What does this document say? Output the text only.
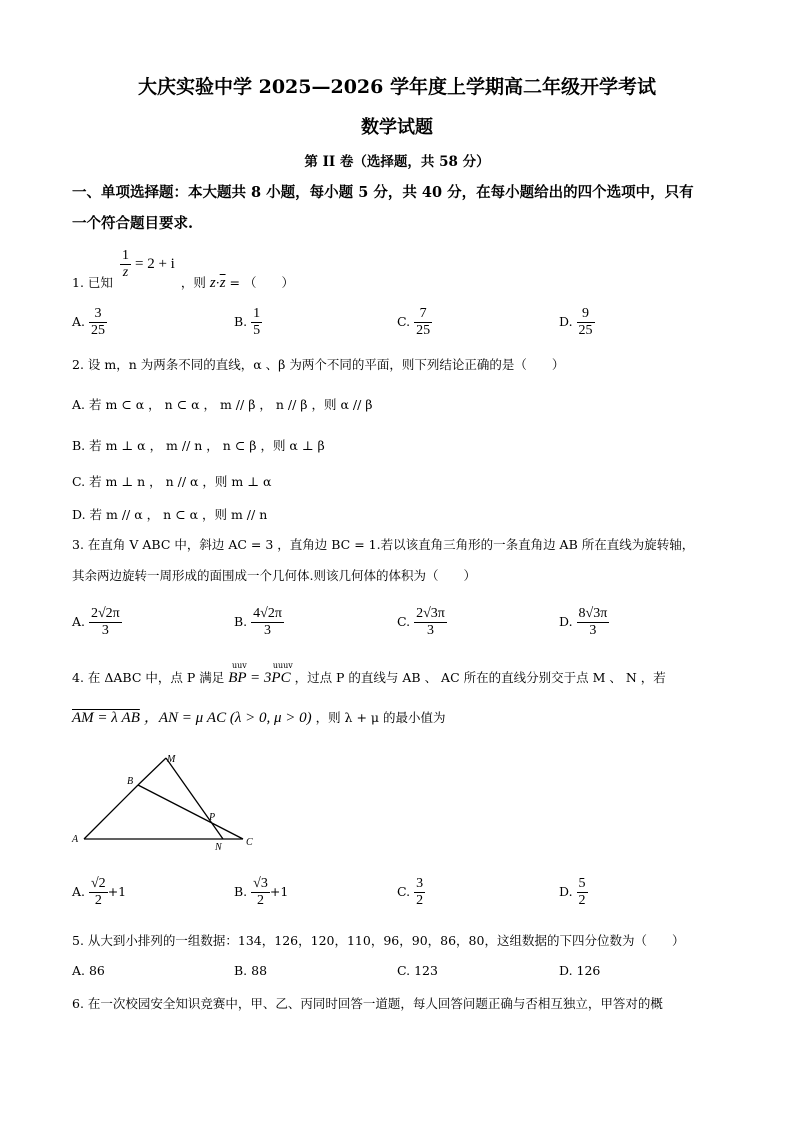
大庆实验中学 2025—2026 学年度上学期高二年级开学考试
数学试题
第 II 卷（选择题，共 58 分）
一、单项选择题：本大题共 8 小题，每小题 5 分，共 40 分，在每小题给出的四个选项中，只有
一个符合题目要求.
$\frac{1}{z} = 2 + i$
1. 已知	，则 $z\cdot\overline{z}$ = （　　）
A. $\frac{3}{25}$	B. $\frac{1}{5}$	C. $\frac{7}{25}$	D. $\frac{9}{25}$
2. 设 m，n 为两条不同的直线，α 、β 为两个不同的平面，则下列结论正确的是（　　）
A. 若 m ⊂ α ， n ⊂ α ， m // β ， n // β ，则 α // β
B. 若 m ⊥ α ， m // n ， n ⊂ β ，则 α ⊥ β
C. 若 m ⊥ n ， n // α ，则 m ⊥ α
D. 若 m // α ， n ⊂ α ，则 m // n
3. 在直角 V ABC 中，斜边 AC = 3 ，直角边 BC = 1.若以该直角三角形的一条直角边 AB 所在直线为旋转轴，
其余两边旋转一周形成的面围成一个几何体.则该几何体的体积为（　　）
A. $\frac{2√2\pi}{3}$	B. $\frac{4√2\pi}{3}$	C. $\frac{2√3\pi}{3}$	D. $\frac{8√3\pi}{3}$
uuv	uuuv
4. 在 ΔABC 中，点 P 满足 BP = 3PC ，过点 P 的直线与 AB 、 AC 所在的直线分别交于点 M 、 N ，若
AM = λ AB ，AN = μ AC (λ > 0, μ > 0) ，则 λ + μ 的最小值为
A
B
C
M
N
P
A. $\frac{√2}{2} +1$	B. $\frac{√3}{2} +1$	C. $\frac{3}{2}$	D. $\frac{5}{2}$
5. 从大到小排列的一组数据：134，126，120，110，96，90，86，80，这组数据的下四分位数为（　　）
A. 86	B. 88	C. 123	D. 126
6. 在一次校园安全知识竞赛中，甲、乙、丙同时回答一道题，每人回答问题正确与否相互独立，甲答对的概
